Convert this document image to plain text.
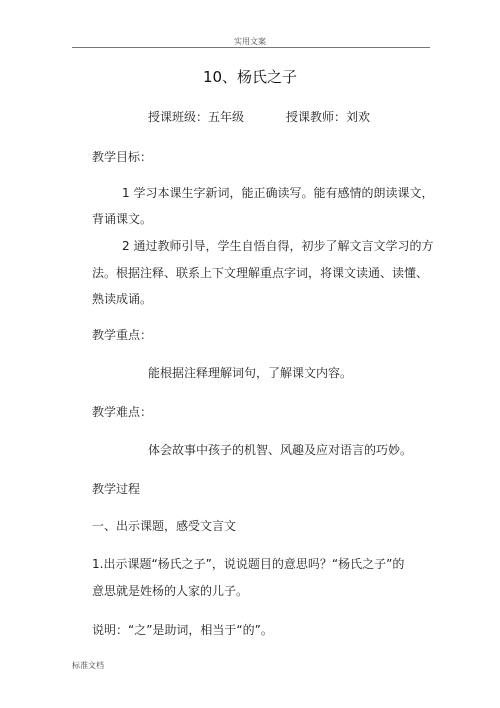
实用文案
10、杨氏之子
授课班级：五年级	授课教师：刘欢
教学目标：
1 学习本课生字新词，能正确读写。能有感情的朗读课文，
背诵课文。
2 通过教师引导，学生自悟自得，初步了解文言文学习的方
法。根据注释、联系上下文理解重点字词，将课文读通、读懂、
熟读成诵。
教学重点：
能根据注释理解词句，了解课文内容。
教学难点：
体会故事中孩子的机智、风趣及应对语言的巧妙。
教学过程
一、出示课题，感受文言文
1.出示课题“杨氏之子”，说说题目的意思吗？“杨氏之子”的
意思就是姓杨的人家的儿子。
说明：“之”是助词，相当于“的”。
标准文档
